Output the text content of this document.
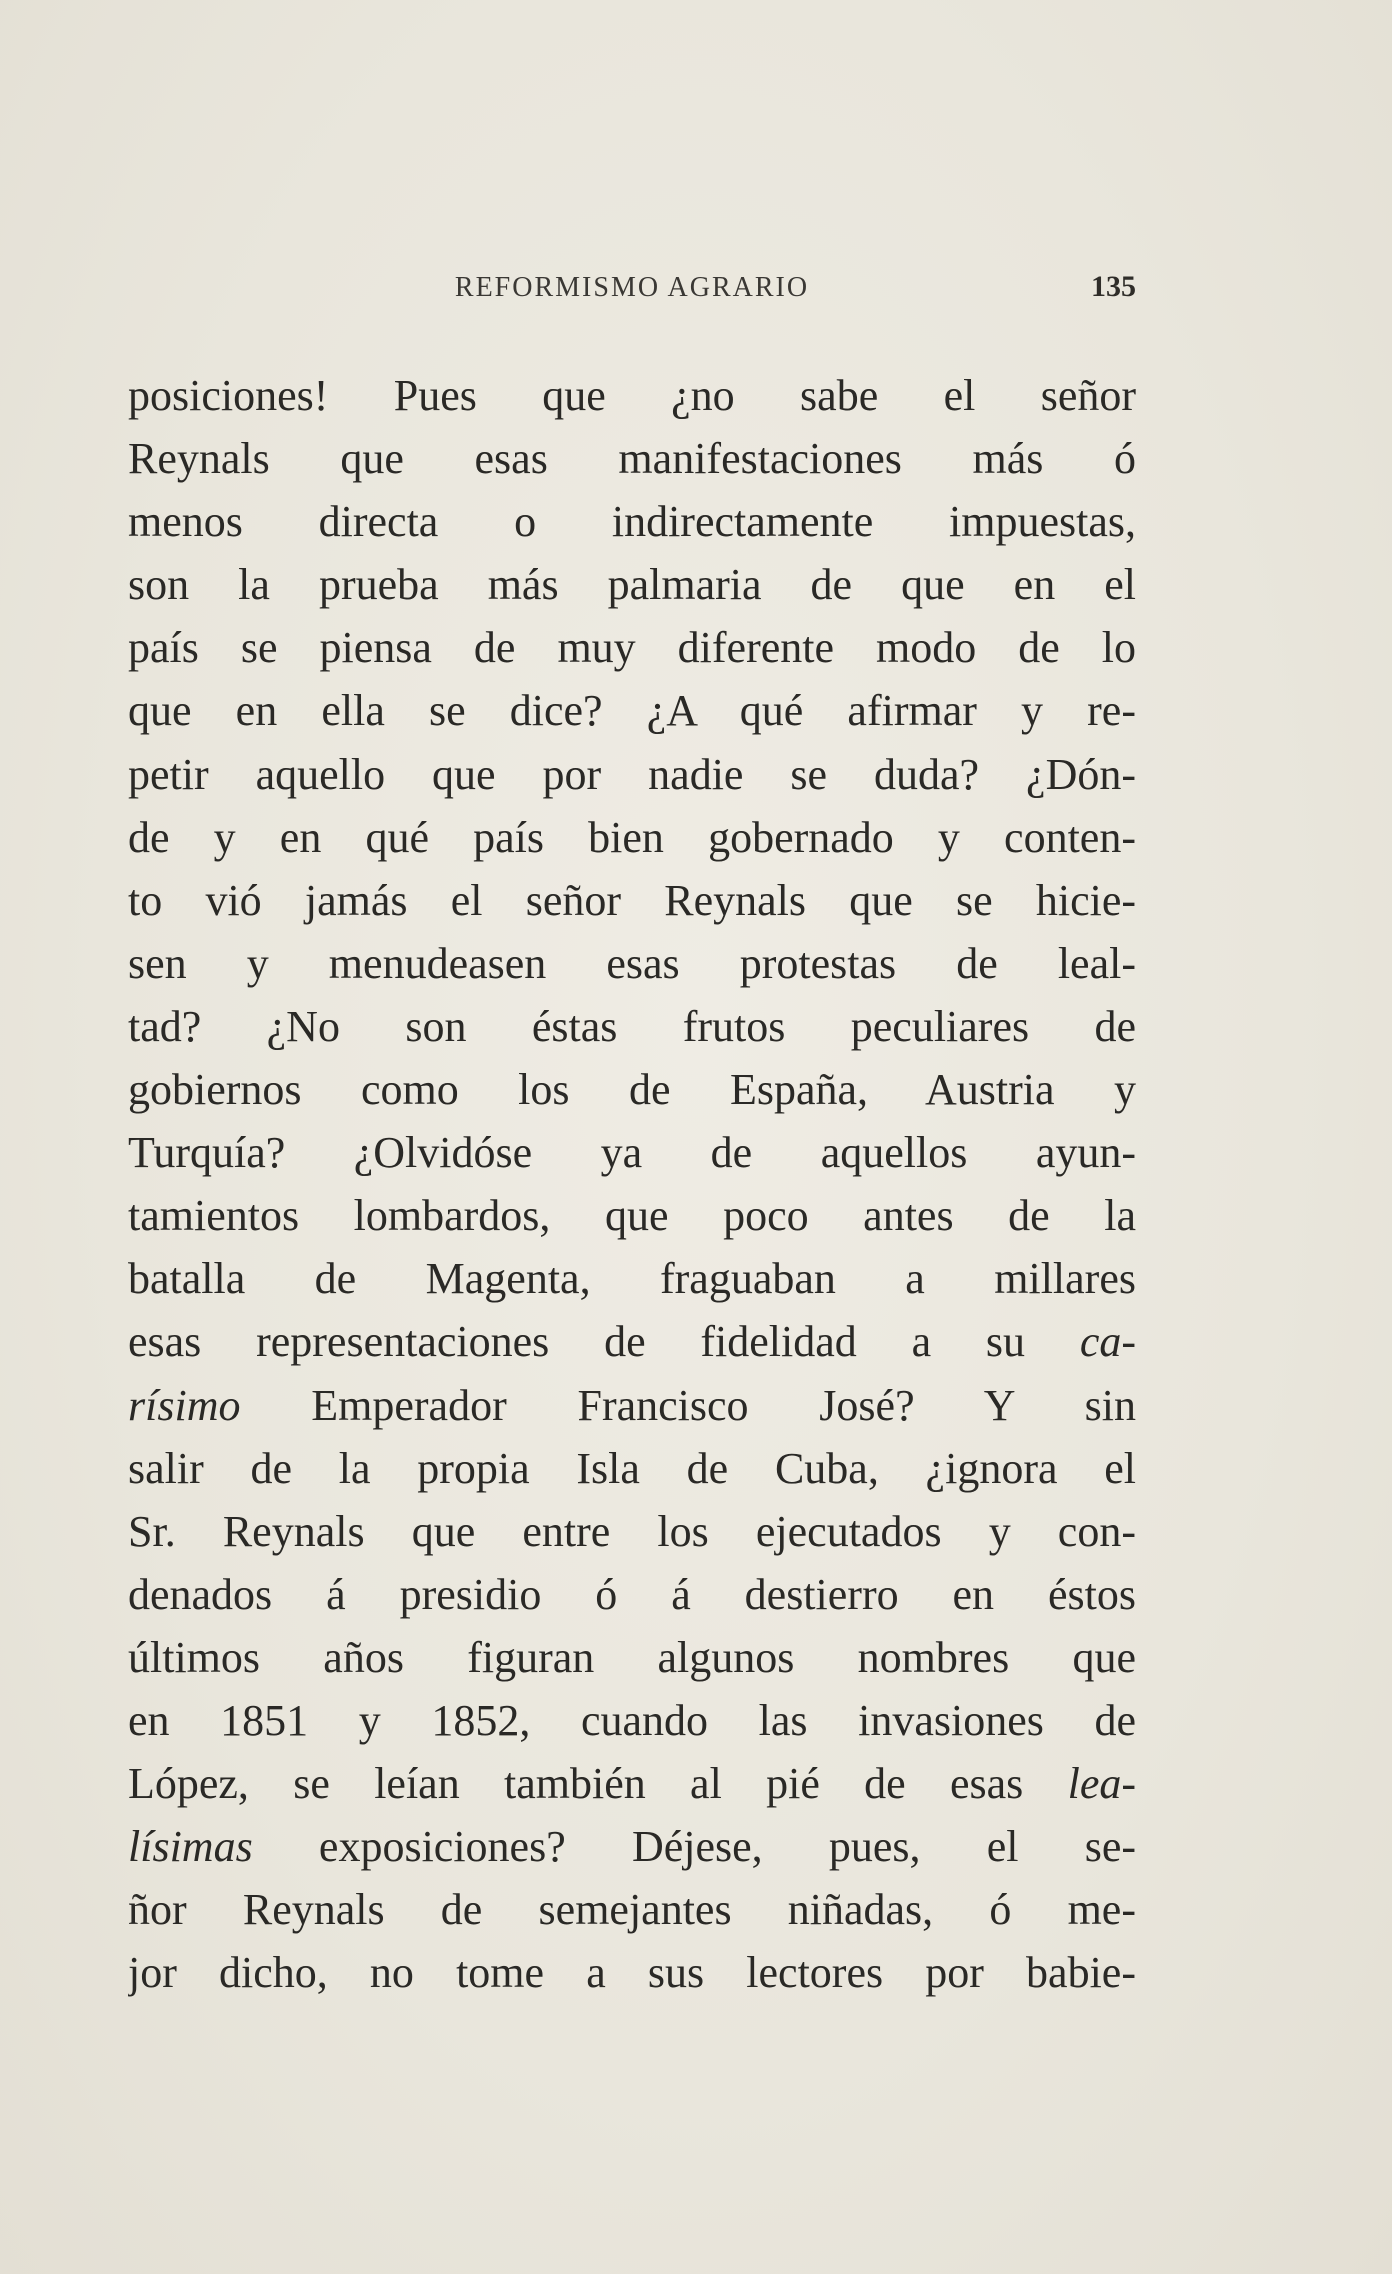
REFORMISMO AGRARIO	135
posiciones! Pues que ¿no sabe el señor
Reynals que esas manifestaciones más ó
menos directa o indirectamente impuestas,
son la prueba más palmaria de que en el
país se piensa de muy diferente modo de lo
que en ella se dice? ¿A qué afirmar y re-
petir aquello que por nadie se duda? ¿Dón-
de y en qué país bien gobernado y conten-
to vió jamás el señor Reynals que se hicie-
sen y menudeasen esas protestas de leal-
tad? ¿No son éstas frutos peculiares de
gobiernos como los de España, Austria y
Turquía? ¿Olvidóse ya de aquellos ayun-
tamientos lombardos, que poco antes de la
batalla de Magenta, fraguaban a millares
esas representaciones de fidelidad a su ca-
rísimo Emperador Francisco José? Y sin
salir de la propia Isla de Cuba, ¿ignora el
Sr. Reynals que entre los ejecutados y con-
denados á presidio ó á destierro en éstos
últimos años figuran algunos nombres que
en 1851 y 1852, cuando las invasiones de
López, se leían también al pié de esas lea-
lísimas exposiciones? Déjese, pues, el se-
ñor Reynals de semejantes niñadas, ó me-
jor dicho, no tome a sus lectores por babie-
